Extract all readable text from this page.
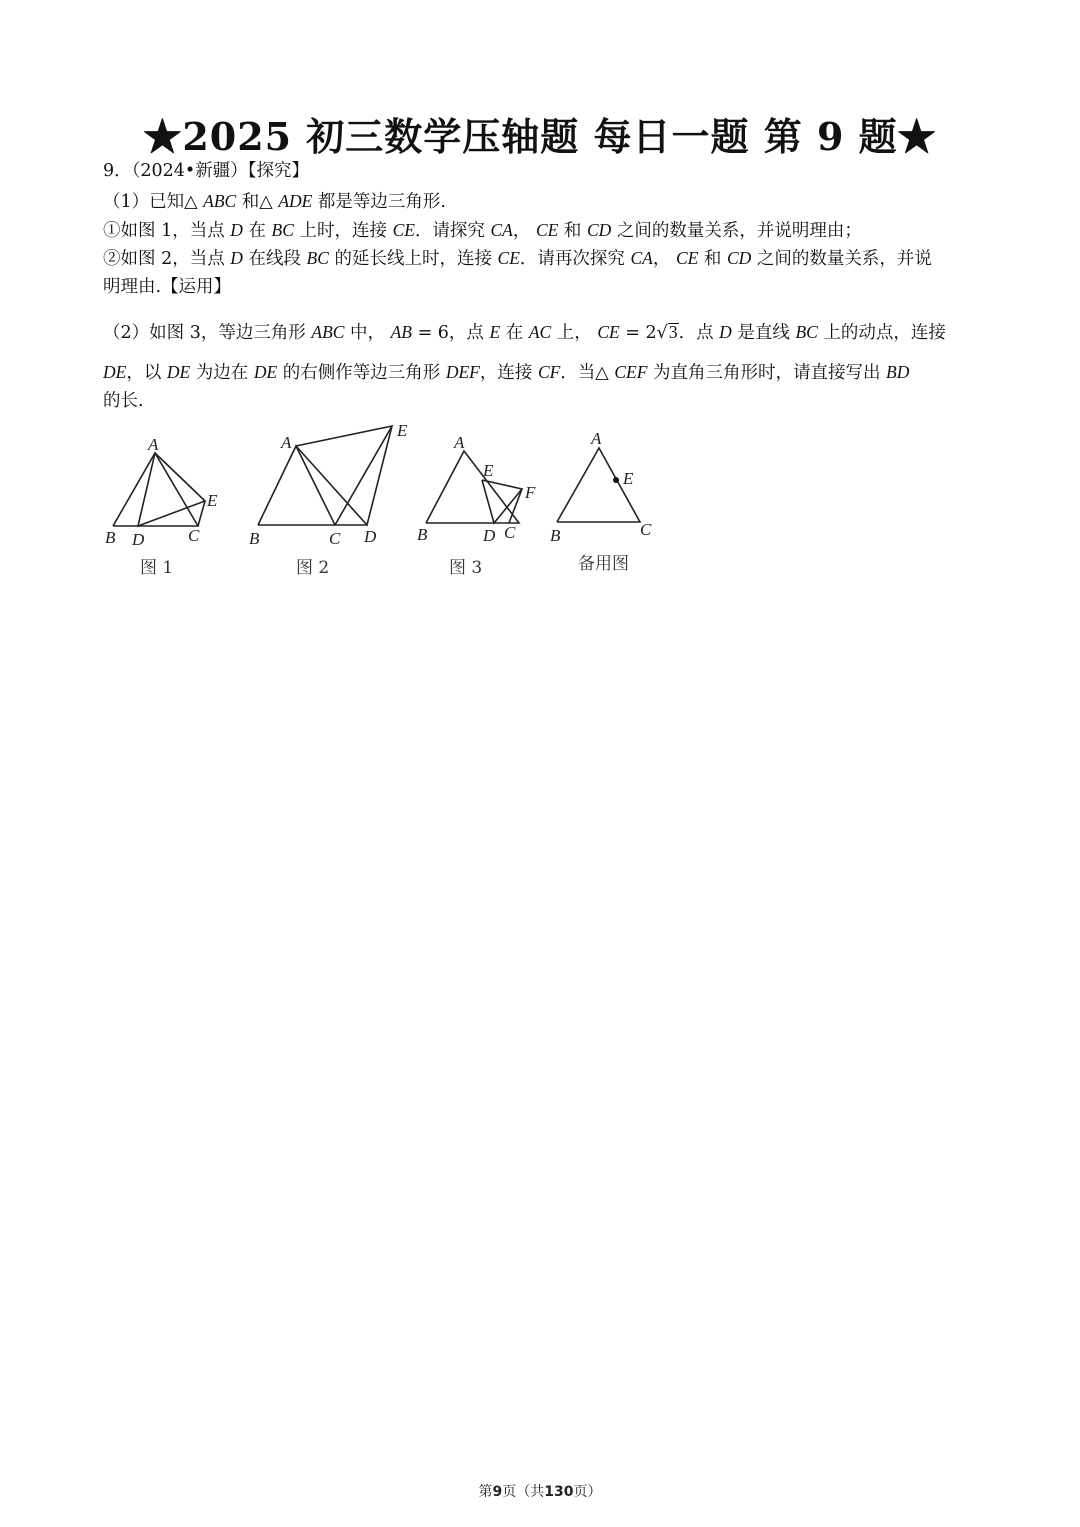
★2025 初三数学压轴题 每日一题 第 9 题★
9．（2024•新疆）【探究】
（1）已知△ ABC 和△ ADE 都是等边三角形.
①如图 1，当点 D 在 BC 上时，连接 CE．请探究 CA， CE 和 CD 之间的数量关系，并说明理由；
②如图 2，当点 D 在线段 BC 的延长线上时，连接 CE．请再次探究 CA， CE 和 CD 之间的数量关系，并说
明理由.【运用】
（2）如图 3，等边三角形 ABC 中， AB = 6，点 E 在 AC 上， CE = 2√3．点 D 是直线 BC 上的动点，连接
DE，以 DE 为边在 DE 的右侧作等边三角形 DEF，连接 CF．当△ CEF 为直角三角形时，请直接写出 BD
的长.
A
B D	C
E
图 1
A
E
B	C D
图 2
A
E
F
B	D C
图 3
A
E
B	C
备用图
第9页（共130页）
